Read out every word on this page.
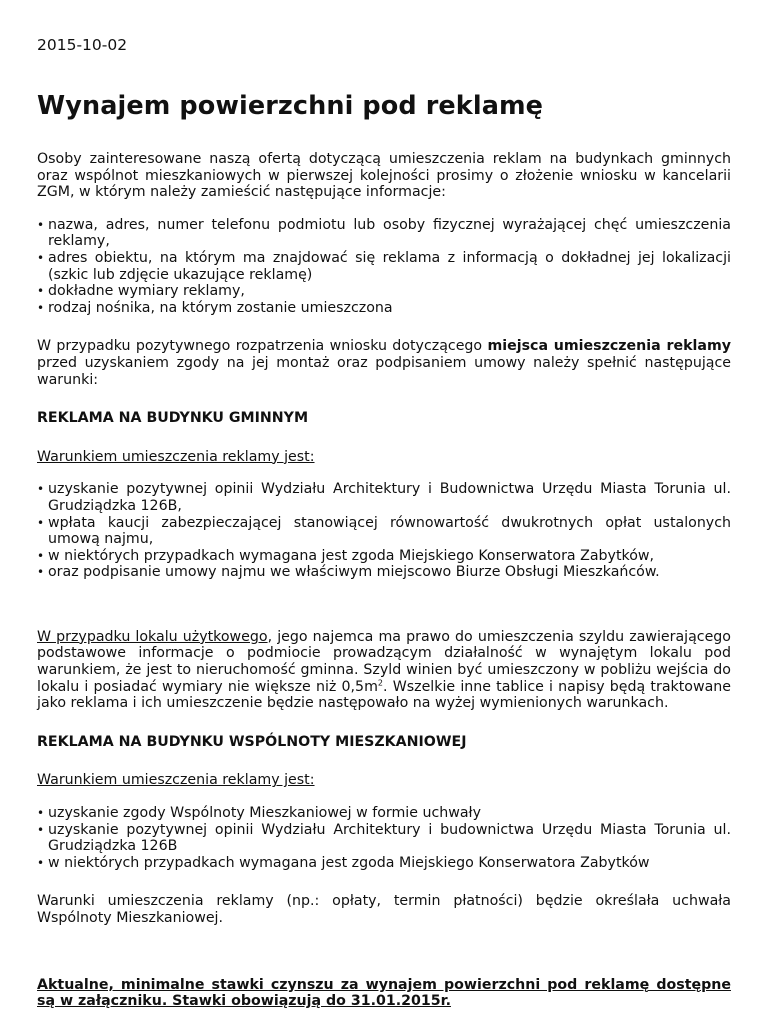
2015-10-02
Wynajem powierzchni pod reklamę

Osoby zainteresowane naszą ofertą dotyczącą umieszczenia reklam na budynkach gminnych oraz wspólnot mieszkaniowych w pierwszej kolejności prosimy o złożenie wniosku w kancelarii ZGM, w którym należy zamieścić następujące informacje:

• nazwa, adres, numer telefonu podmiotu lub osoby fizycznej wyrażającej chęć umieszczenia reklamy,
• adres obiektu, na którym ma znajdować się reklama z informacją o dokładnej jej lokalizacji (szkic lub zdjęcie ukazujące reklamę)
• dokładne wymiary reklamy,
• rodzaj nośnika, na którym zostanie umieszczona

W przypadku pozytywnego rozpatrzenia wniosku dotyczącego miejsca umieszczenia reklamy przed uzyskaniem zgody na jej montaż oraz podpisaniem umowy należy spełnić następujące warunki:

REKLAMA NA BUDYNKU GMINNYM

Warunkiem umieszczenia reklamy jest:

• uzyskanie pozytywnej opinii Wydziału Architektury i Budownictwa Urzędu Miasta Torunia ul. Grudziądzka 126B,
• wpłata kaucji zabezpieczającej stanowiącej równowartość dwukrotnych opłat ustalonych umową najmu,
• w niektórych przypadkach wymagana jest zgoda Miejskiego Konserwatora Zabytków,
• oraz podpisanie umowy najmu we właściwym miejscowo Biurze Obsługi Mieszkańców.

W przypadku lokalu użytkowego, jego najemca ma prawo do umieszczenia szyldu zawierającego podstawowe informacje o podmiocie prowadzącym działalność w wynajętym lokalu pod warunkiem, że jest to nieruchomość gminna. Szyld winien być umieszczony w pobliżu wejścia do lokalu i posiadać wymiary nie większe niż $0,5m^2$. Wszelkie inne tablice i napisy będą traktowane jako reklama i ich umieszczenie będzie następowało na wyżej wymienionych warunkach.

REKLAMA NA BUDYNKU WSPÓLNOTY MIESZKANIOWEJ

Warunkiem umieszczenia reklamy jest:

• uzyskanie zgody Wspólnoty Mieszkaniowej w formie uchwały
• uzyskanie pozytywnej opinii Wydziału Architektury i budownictwa Urzędu Miasta Torunia ul. Grudziądzka 126B
• w niektórych przypadkach wymagana jest zgoda Miejskiego Konserwatora Zabytków

Warunki umieszczenia reklamy (np.: opłaty, termin płatności) będzie określała uchwała Wspólnoty Mieszkaniowej.

Aktualne, minimalne stawki czynszu za wynajem powierzchni pod reklamę dostępne są w załączniku. Stawki obowiązują do 31.01.2015r.
